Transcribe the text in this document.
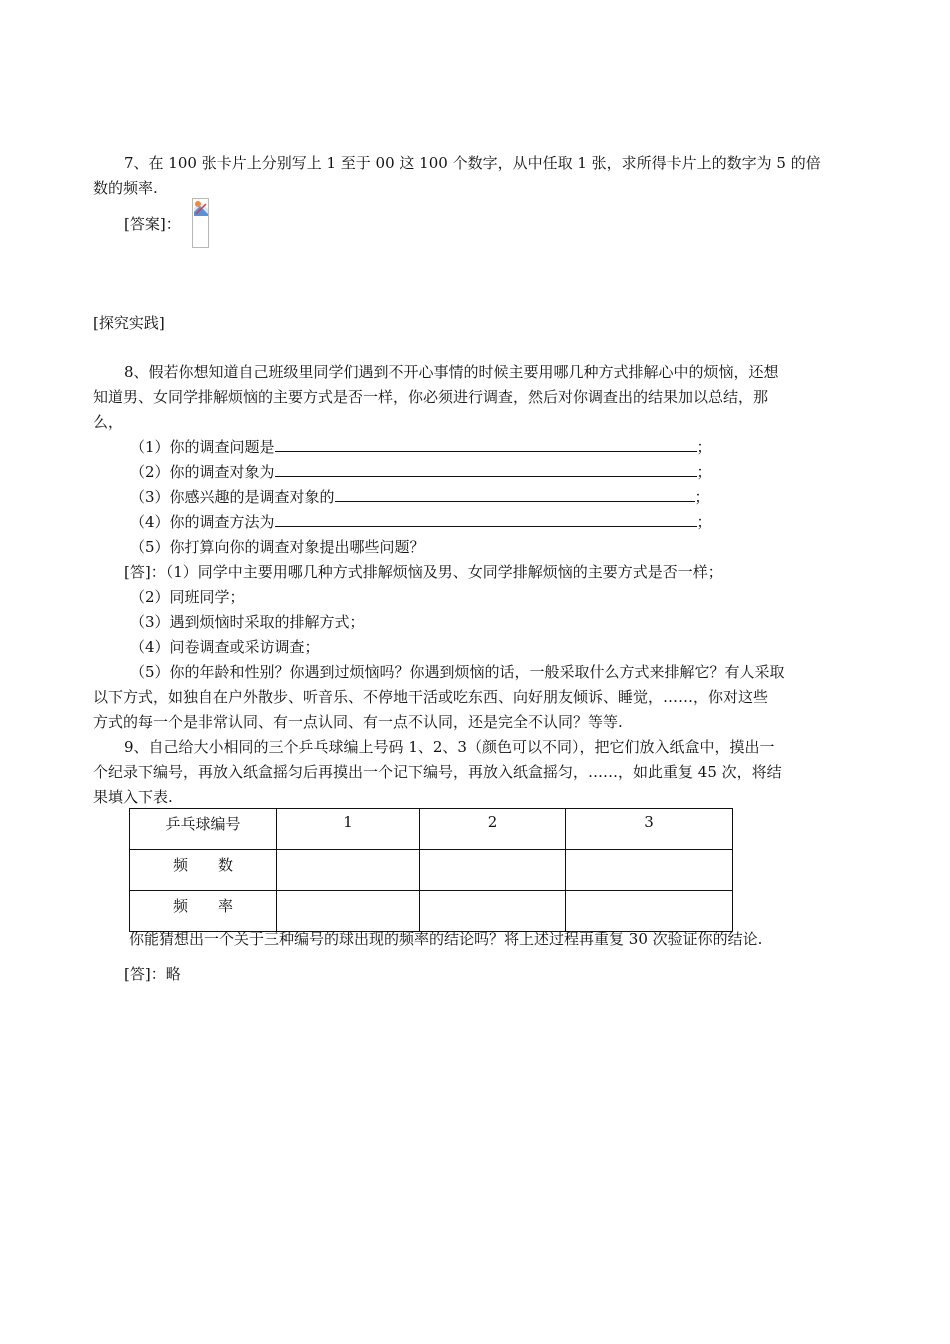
7、在 100 张卡片上分别写上 1 至于 00 这 100 个数字，从中任取 1 张，求所得卡片上的数字为 5 的倍
数的频率.
[答案]：
[探究实践]
8、假若你想知道自己班级里同学们遇到不开心事情的时候主要用哪几种方式排解心中的烦恼，还想
知道男、女同学排解烦恼的主要方式是否一样，你必须进行调查，然后对你调查出的结果加以总结，那
么，
（1）你的调查问题是	；
（2）你的调查对象为	；
（3）你感兴趣的是调查对象的	；
（4）你的调查方法为	；
（5）你打算向你的调查对象提出哪些问题？
[答]：（1）同学中主要用哪几种方式排解烦恼及男、女同学排解烦恼的主要方式是否一样；
（2）同班同学；
（3）遇到烦恼时采取的排解方式；
（4）问卷调查或采访调查；
（5）你的年龄和性别？你遇到过烦恼吗？你遇到烦恼的话，一般采取什么方式来排解它？有人采取
以下方式，如独自在户外散步、听音乐、不停地干活或吃东西、向好朋友倾诉、睡觉，……，你对这些
方式的每一个是非常认同、有一点认同、有一点不认同，还是完全不认同？等等.
9、自己给大小相同的三个乒乓球编上号码 1、2、3（颜色可以不同），把它们放入纸盒中，摸出一
个纪录下编号，再放入纸盒摇匀后再摸出一个记下编号，再放入纸盒摇匀，……，如此重复 45 次，将结
果填入下表.
乒乓球编号	1	2	3
频　　数			
频　　率			
你能猜想出一个关于三种编号的球出现的频率的结论吗？将上述过程再重复 30 次验证你的结论.
[答]：略
